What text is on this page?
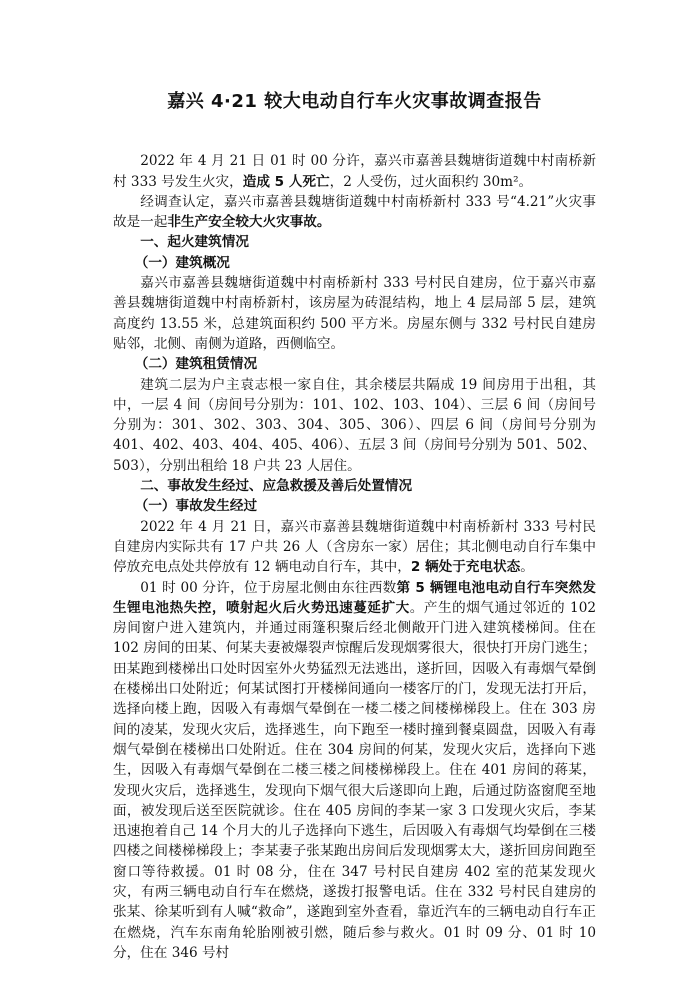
嘉兴 4·21 较大电动自行车火灾事故调查报告

2022 年 4 月 21 日 01 时 00 分许，嘉兴市嘉善县魏塘街道魏中村南桥新村 333 号发生火灾，造成 5 人死亡，2 人受伤，过火面积约 30m²。

经调查认定，嘉兴市嘉善县魏塘街道魏中村南桥新村 333 号“4.21”火灾事故是一起非生产安全较大火灾事故。

一、起火建筑情况

（一）建筑概况

嘉兴市嘉善县魏塘街道魏中村南桥新村 333 号村民自建房，位于嘉兴市嘉善县魏塘街道魏中村南桥新村，该房屋为砖混结构，地上 4 层局部 5 层，建筑高度约 13.55 米，总建筑面积约 500 平方米。房屋东侧与 332 号村民自建房贴邻，北侧、南侧为道路，西侧临空。

（二）建筑租赁情况

建筑二层为户主袁志根一家自住，其余楼层共隔成 19 间房用于出租，其中，一层 4 间（房间号分别为：101、102、103、104）、三层 6 间（房间号分别为：301、302、303、304、305、306）、四层 6 间（房间号分别为 401、402、403、404、405、406）、五层 3 间（房间号分别为 501、502、503），分别出租给 18 户共 23 人居住。

二、事故发生经过、应急救援及善后处置情况

（一）事故发生经过

2022 年 4 月 21 日，嘉兴市嘉善县魏塘街道魏中村南桥新村 333 号村民自建房内实际共有 17 户共 26 人（含房东一家）居住；其北侧电动自行车集中停放充电点处共停放有 12 辆电动自行车，其中，2 辆处于充电状态。

01 时 00 分许，位于房屋北侧由东往西数第 5 辆锂电池电动自行车突然发生锂电池热失控，喷射起火后火势迅速蔓延扩大。产生的烟气通过邻近的 102 房间窗户进入建筑内，并通过雨篷积聚后经北侧敞开门进入建筑楼梯间。住在 102 房间的田某、何某夫妻被爆裂声惊醒后发现烟雾很大，很快打开房门逃生；田某跑到楼梯出口处时因室外火势猛烈无法逃出，遂折回，因吸入有毒烟气晕倒在楼梯出口处附近；何某试图打开楼梯间通向一楼客厅的门，发现无法打开后，选择向楼上跑，因吸入有毒烟气晕倒在一楼二楼之间楼梯梯段上。住在 303 房间的凌某，发现火灾后，选择逃生，向下跑至一楼时撞到餐桌圆盘，因吸入有毒烟气晕倒在楼梯出口处附近。住在 304 房间的何某，发现火灾后，选择向下逃生，因吸入有毒烟气晕倒在二楼三楼之间楼梯梯段上。住在 401 房间的蒋某，发现火灾后，选择逃生，发现向下烟气很大后遂即向上跑，后通过防盗窗爬至地面，被发现后送至医院就诊。住在 405 房间的李某一家 3 口发现火灾后，李某迅速抱着自己 14 个月大的儿子选择向下逃生，后因吸入有毒烟气均晕倒在三楼四楼之间楼梯梯段上；李某妻子张某跑出房间后发现烟雾太大，遂折回房间跑至窗口等待救援。01 时 08 分，住在 347 号村民自建房 402 室的范某发现火灾，有两三辆电动自行车在燃烧，遂拨打报警电话。住在 332 号村民自建房的张某、徐某听到有人喊“救命”，遂跑到室外查看，靠近汽车的三辆电动自行车正在燃烧，汽车东南角轮胎刚被引燃，随后参与救火。01 时 09 分、01 时 10 分，住在 346 号村
